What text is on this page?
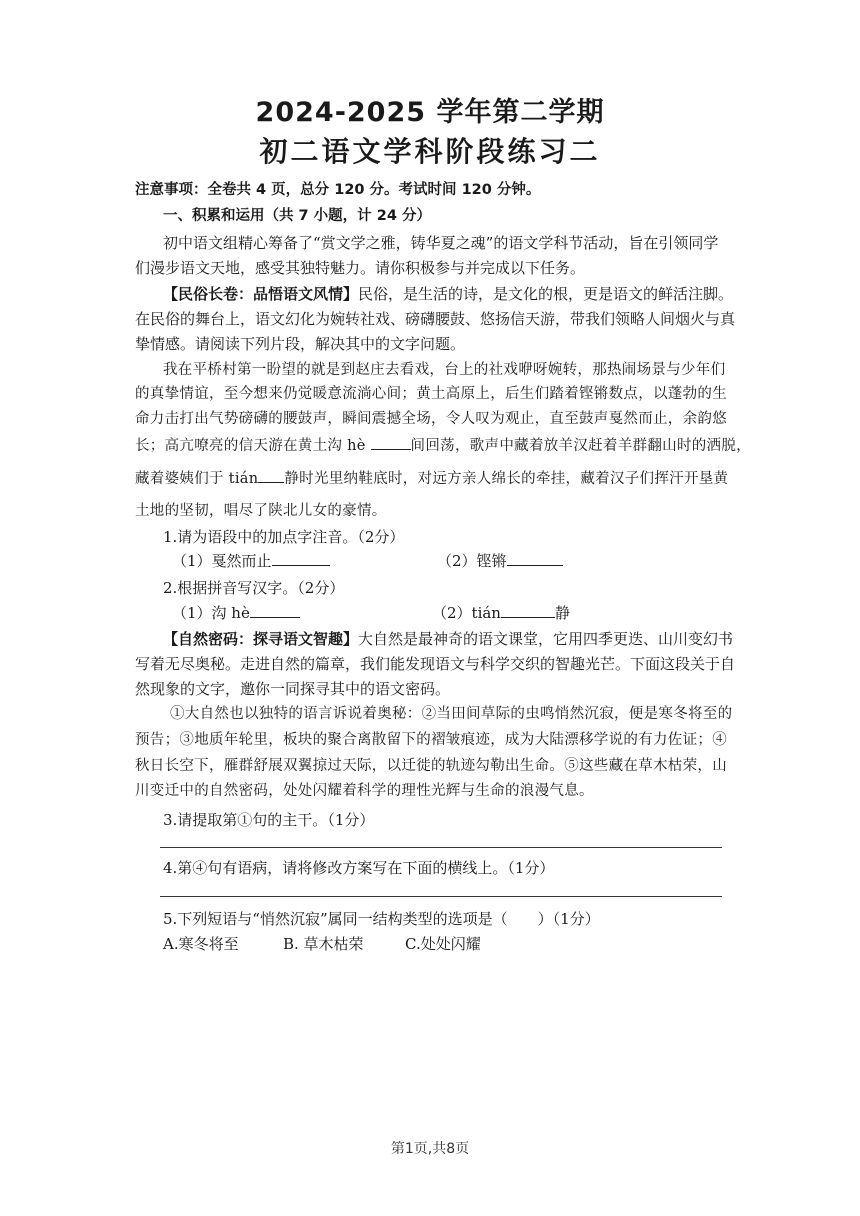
2024-2025 学年第二学期
初二语文学科阶段练习二
注意事项：全卷共 4 页，总分 120 分。考试时间 120 分钟。
一、积累和运用（共 7 小题，计 24 分）
初中语文组精心筹备了“赏文学之雅，铸华夏之魂”的语文学科节活动，旨在引领同学
们漫步语文天地，感受其独特魅力。请你积极参与并完成以下任务。
【民俗长卷：品悟语文风情】民俗，是生活的诗，是文化的根，更是语文的鲜活注脚。
在民俗的舞台上，语文幻化为婉转社戏、磅礴腰鼓、悠扬信天游，带我们领略人间烟火与真
挚情感。请阅读下列片段，解决其中的文字问题。
我在平桥村第一盼望的就是到赵庄去看戏，台上的社戏咿呀婉转，那热闹场景与少年们
的真挚情谊，至今想来仍觉暖意流淌心间；黄土高原上，后生们踏着铿锵数点，以蓬勃的生
命力击打出气势磅礴的腰鼓声，瞬间震撼全场，令人叹为观止，直至鼓声戛然而止，余韵悠
长；高亢嘹亮的信天游在黄土沟 hè	间回荡，歌声中藏着放羊汉赶着羊群翻山时的洒脱，
藏着婆姨们于 tián 静时光里纳鞋底时，对远方亲人绵长的牵挂，藏着汉子们挥汗开垦黄
土地的坚韧，唱尽了陕北儿女的豪情。
1.请为语段中的加点字注音。（2分）
（1）戛然而止	（2）铿锵
2.根据拼音写汉字。（2分）
（1）沟 hè	（2）tián	静
【自然密码：探寻语文智趣】大自然是最神奇的语文课堂，它用四季更迭、山川变幻书
写着无尽奥秘。走进自然的篇章，我们能发现语文与科学交织的智趣光芒。下面这段关于自
然现象的文字，邀你一同探寻其中的语文密码。
①大自然也以独特的语言诉说着奥秘：②当田间草际的虫鸣悄然沉寂，便是寒冬将至的
预告；③地质年轮里，板块的聚合离散留下的褶皱痕迹，成为大陆漂移学说的有力佐证；④
秋日长空下，雁群舒展双翼掠过天际，以迁徙的轨迹勾勒出生命。⑤这些藏在草木枯荣，山
川变迁中的自然密码，处处闪耀着科学的理性光辉与生命的浪漫气息。
3.请提取第①句的主干。（1分）
4.第④句有语病，请将修改方案写在下面的横线上。（1分）
5.下列短语与“悄然沉寂”属同一结构类型的选项是（　　）（1分）
A.寒冬将至	B. 草木枯荣	C.处处闪耀
第1页,共8页
